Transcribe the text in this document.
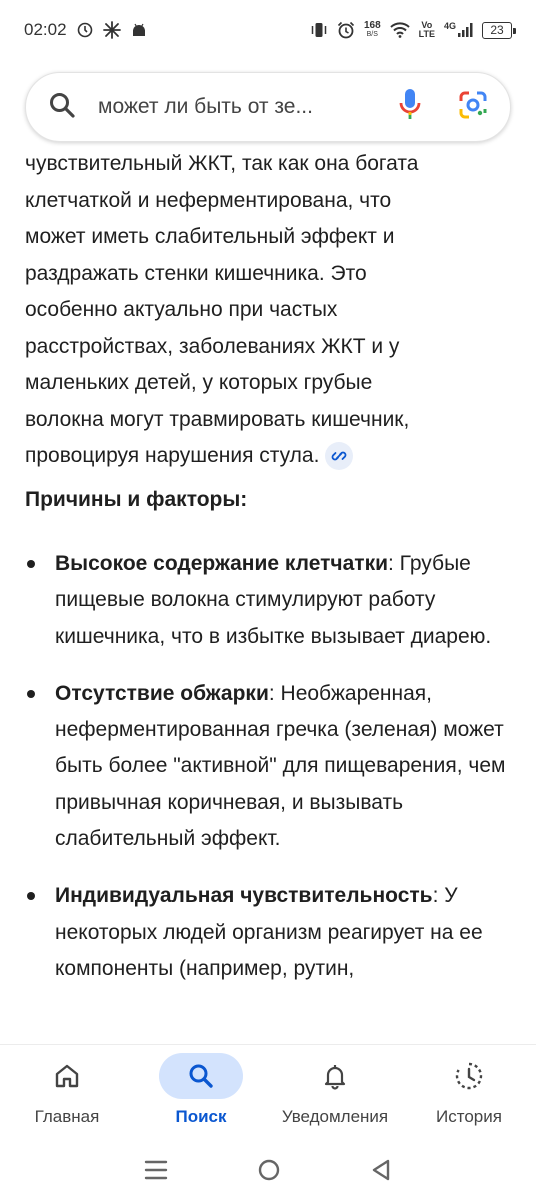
02:02	168
B/S
Vo
LTE
4G	23
может ли быть от зе...
чувствительный ЖКТ, так как она богата
клетчаткой и неферментирована, что
может иметь слабительный эффект и
раздражать стенки кишечника. Это
особенно актуально при частых
расстройствах, заболеваниях ЖКТ и у
маленьких детей, у которых грубые
волокна могут травмировать кишечник,
провоцируя нарушения стула.
Причины и факторы:
Высокое содержание клетчатки: Грубые пищевые волокна стимулируют работу кишечника, что в избытке вызывает диарею.
Отсутствие обжарки: Необжаренная, неферментированная гречка (зеленая) может быть более "активной" для пищеварения, чем привычная коричневая, и вызывать слабительный эффект.
Индивидуальная чувствительность: У некоторых людей организм реагирует на ее компоненты (например, рутин,
Главная	Поиск	Уведомления	История
